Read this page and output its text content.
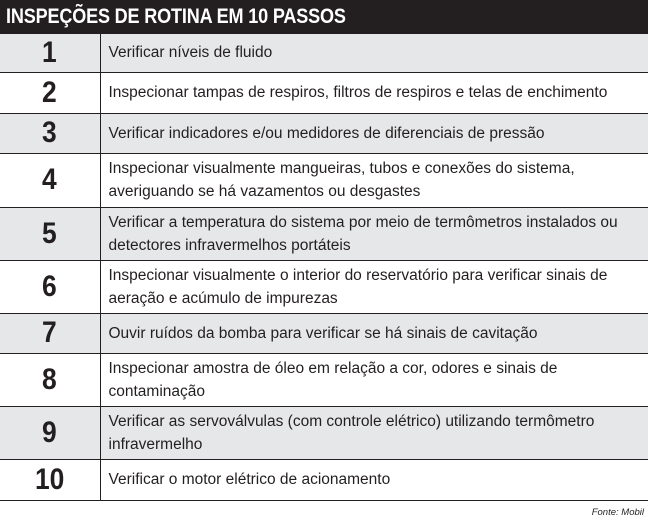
INSPEÇÕES DE ROTINA EM 10 PASSOS
1	Verificar níveis de fluido
2	Inspecionar tampas de respiros, filtros de respiros e telas de enchimento
3	Verificar indicadores e/ou medidores de diferenciais de pressão
4	Inspecionar visualmente mangueiras, tubos e conexões do sistema, averiguando se há vazamentos ou desgastes
5	Verificar a temperatura do sistema por meio de termômetros instalados ou detectores infravermelhos portáteis
6	Inspecionar visualmente o interior do reservatório para verificar sinais de aeração e acúmulo de impurezas
7	Ouvir ruídos da bomba para verificar se há sinais de cavitação
8	Inspecionar amostra de óleo em relação a cor, odores e sinais de contaminação
9	Verificar as servoválvulas (com controle elétrico) utilizando termômetro infravermelho
10	Verificar o motor elétrico de acionamento
Fonte: Mobil
